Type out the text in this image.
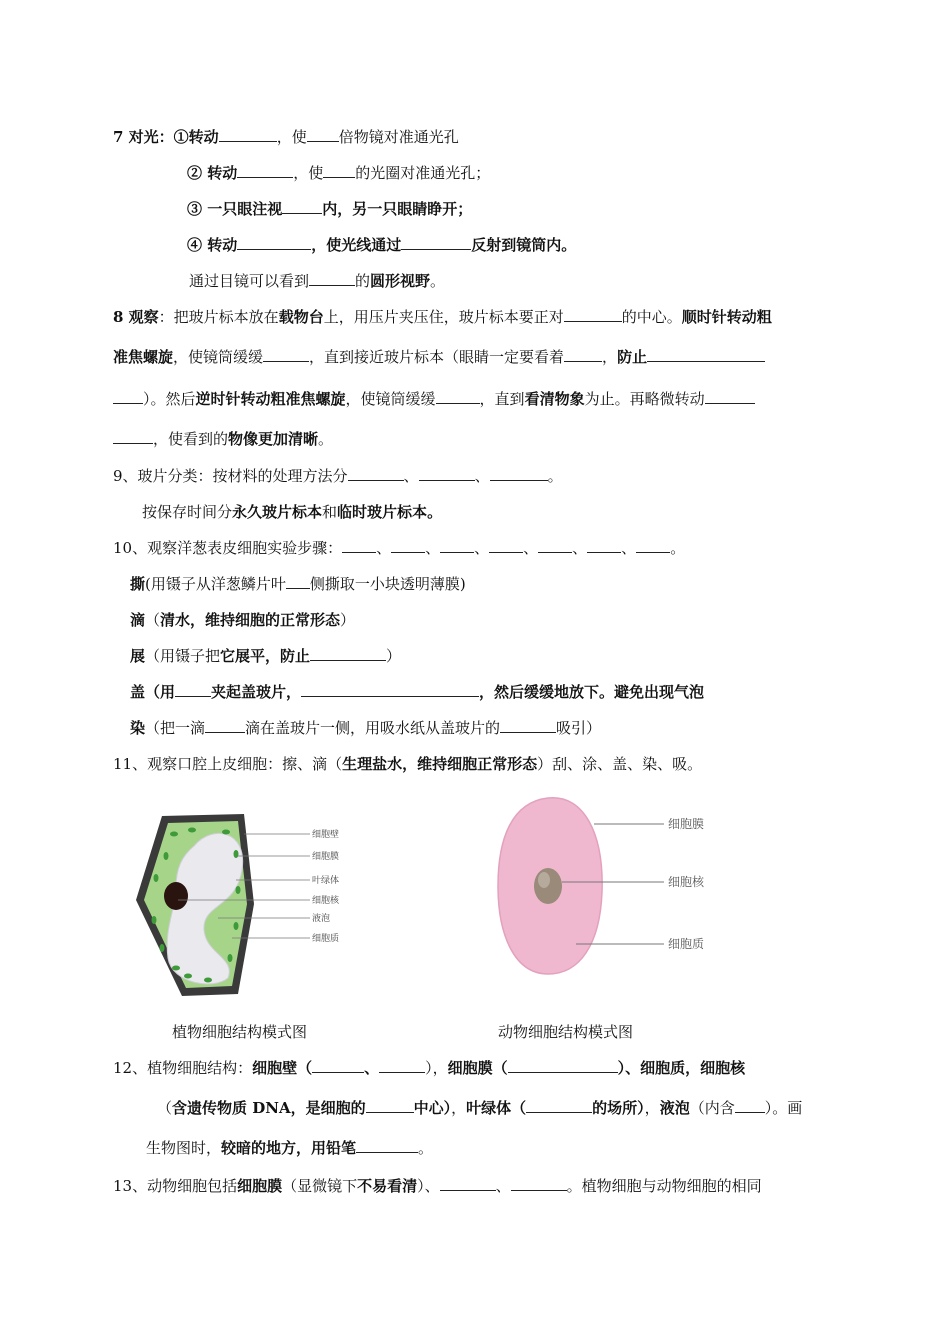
7 对光：①转动	，使 倍物镜对准通光孔
② 转动	，使 的光圈对准通光孔；
③ 一只眼注视	内，另一只眼睛睁开；
④ 转动	，使光线通过	反射到镜筒内。
通过目镜可以看到	的圆形视野。
8 观察：把玻片标本放在载物台上，用压片夹压住，玻片标本要正对	的中心。顺时针转动粗
准焦螺旋，使镜筒缓缓	，直到接近玻片标本（眼睛一定要看着	，防止
）。然后逆时针转动粗准焦螺旋，使镜筒缓缓	，直到看清物象为止。再略微转动
，使看到的物像更加清晰。
9、玻片分类：按材料的处理方法分	、	、	。
按保存时间分永久玻片标本和临时玻片标本。
10、观察洋葱表皮细胞实验步骤： 、 、 、 、 、 、 。
撕(用镊子从洋葱鳞片叶 侧撕取一小块透明薄膜)
滴（清水，维持细胞的正常形态）
展（用镊子把它展平，防止	）
盖（用 夹起盖玻片，	，然后缓缓地放下。避免出现气泡
染（把一滴	滴在盖玻片一侧，用吸水纸从盖玻片的	吸引）
11、观察口腔上皮细胞：擦、滴（生理盐水，维持细胞正常形态）刮、涂、盖、染、吸。
细胞壁
细胞膜
叶绿体
细胞核
液泡
细胞质
细胞膜
细胞核
细胞质
植物细胞结构模式图	动物细胞结构模式图
12、植物细胞结构：细胞壁（	、	），细胞膜（	）、细胞质，细胞核
（含遗传物质 DNA，是细胞的	中心），叶绿体（	的场所），液泡（内含 ）。画
生物图时，较暗的地方，用铅笔	。
13、动物细胞包括细胞膜（显微镜下不易看清）、	、	。植物细胞与动物细胞的相同
